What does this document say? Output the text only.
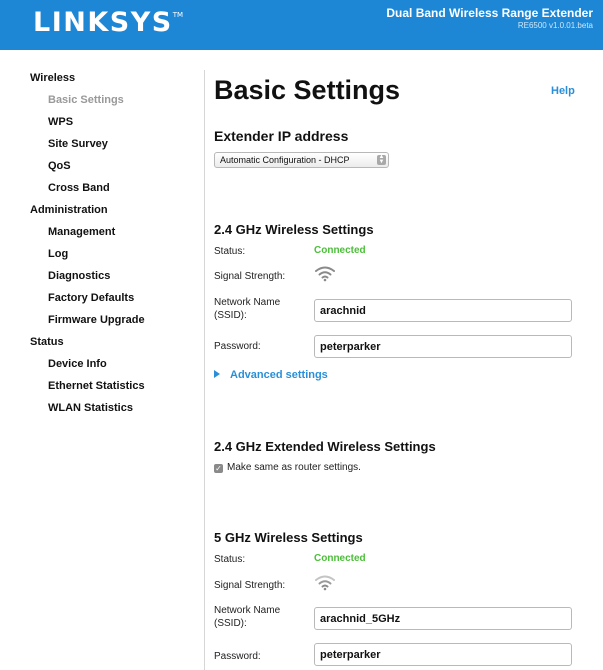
LINKSYS™	Dual Band Wireless Range Extender
RE6500 v1.0.01.beta
Wireless
Basic Settings
WPS
Site Survey
QoS
Cross Band
Administration
Management
Log
Diagnostics
Factory Defaults
Firmware Upgrade
Status
Device Info
Ethernet Statistics
WLAN Statistics
Basic Settings	Help
Extender IP address
Automatic Configuration - DHCP	▲
▼
2.4 GHz Wireless Settings
Status:	Connected
Signal Strength:
Network Name
(SSID):
arachnid
Password:
peterparker
Advanced settings
2.4 GHz Extended Wireless Settings
✓ Make same as router settings.
5 GHz Wireless Settings
Status:	Connected
Signal Strength:
Network Name
(SSID):
arachnid_5GHz
Password:
peterparker
